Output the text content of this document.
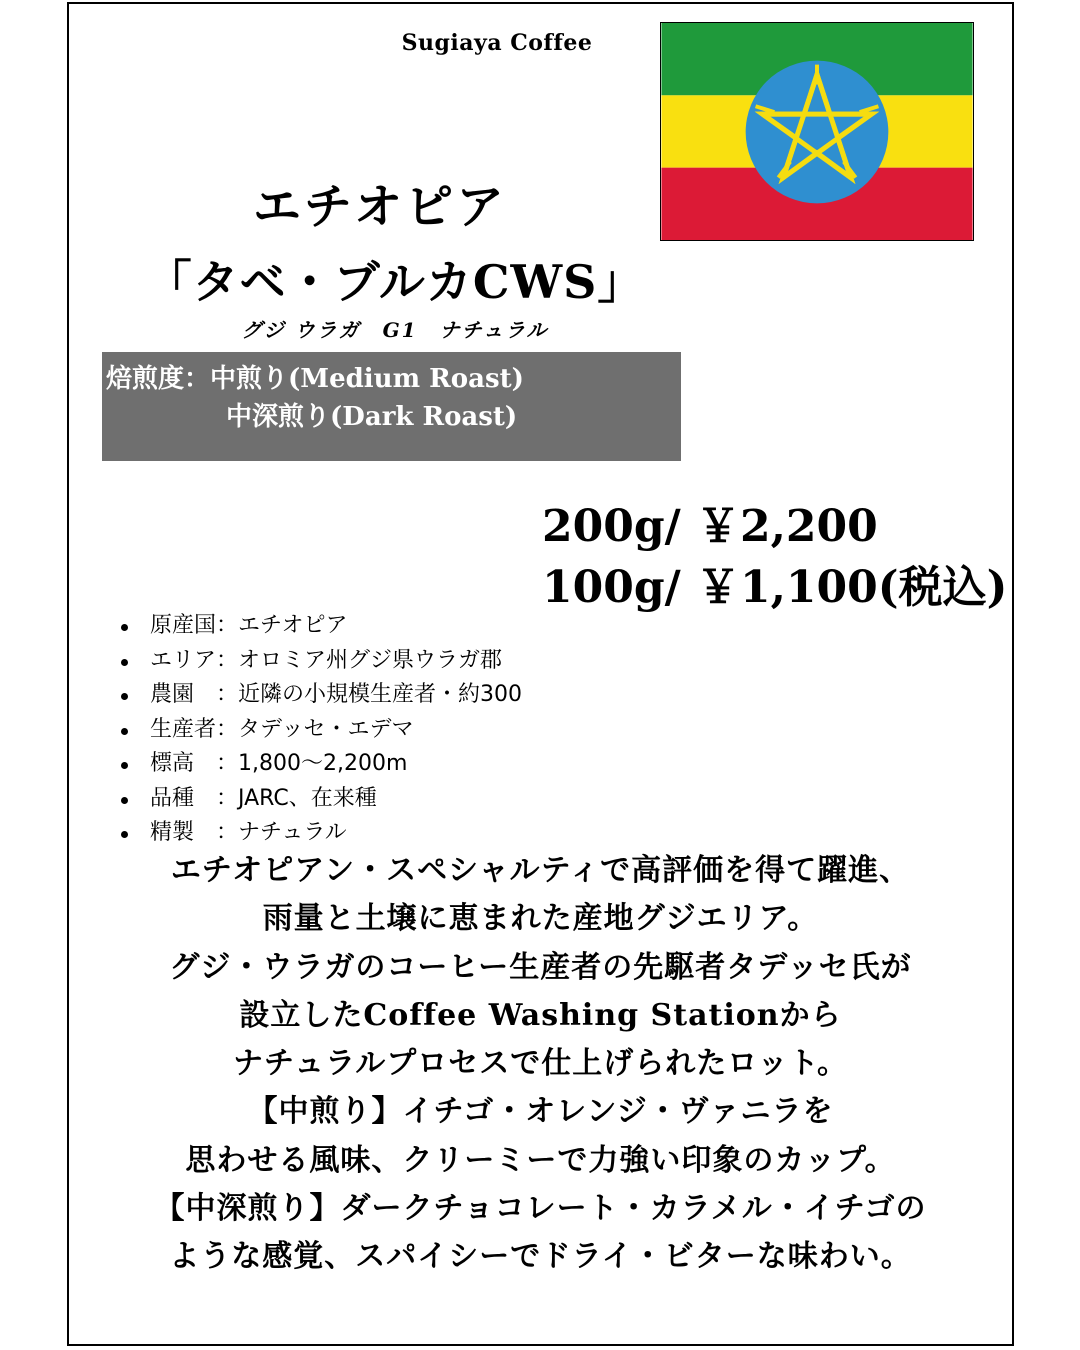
Sugiaya Coffee
エチオピア
「タベ・ブルカCWS」
グジ ウラガ　G1　ナチュラル
焙煎度：中煎り(Medium Roast)
中深煎り(Dark Roast)
200g/ ￥2,200
100g/ ￥1,100(税込)
原産国：エチオピア
エリア：オロミア州グジ県ウラガ郡
農園　：近隣の小規模生産者・約300
生産者：タデッセ・エデマ
標高　：1,800～2,200m
品種　：JARC、在来種
精製　：ナチュラル
エチオピアン・スペシャルティで高評価を得て躍進、
雨量と土壌に恵まれた産地グジエリア。
グジ・ウラガのコーヒー生産者の先駆者タデッセ氏が
設立したCoffee Washing Stationから
ナチュラルプロセスで仕上げられたロット。
【中煎り】イチゴ・オレンジ・ヴァニラを
思わせる風味、クリーミーで力強い印象のカップ。
【中深煎り】ダークチョコレート・カラメル・イチゴの
ような感覚、スパイシーでドライ・ビターな味わい。
